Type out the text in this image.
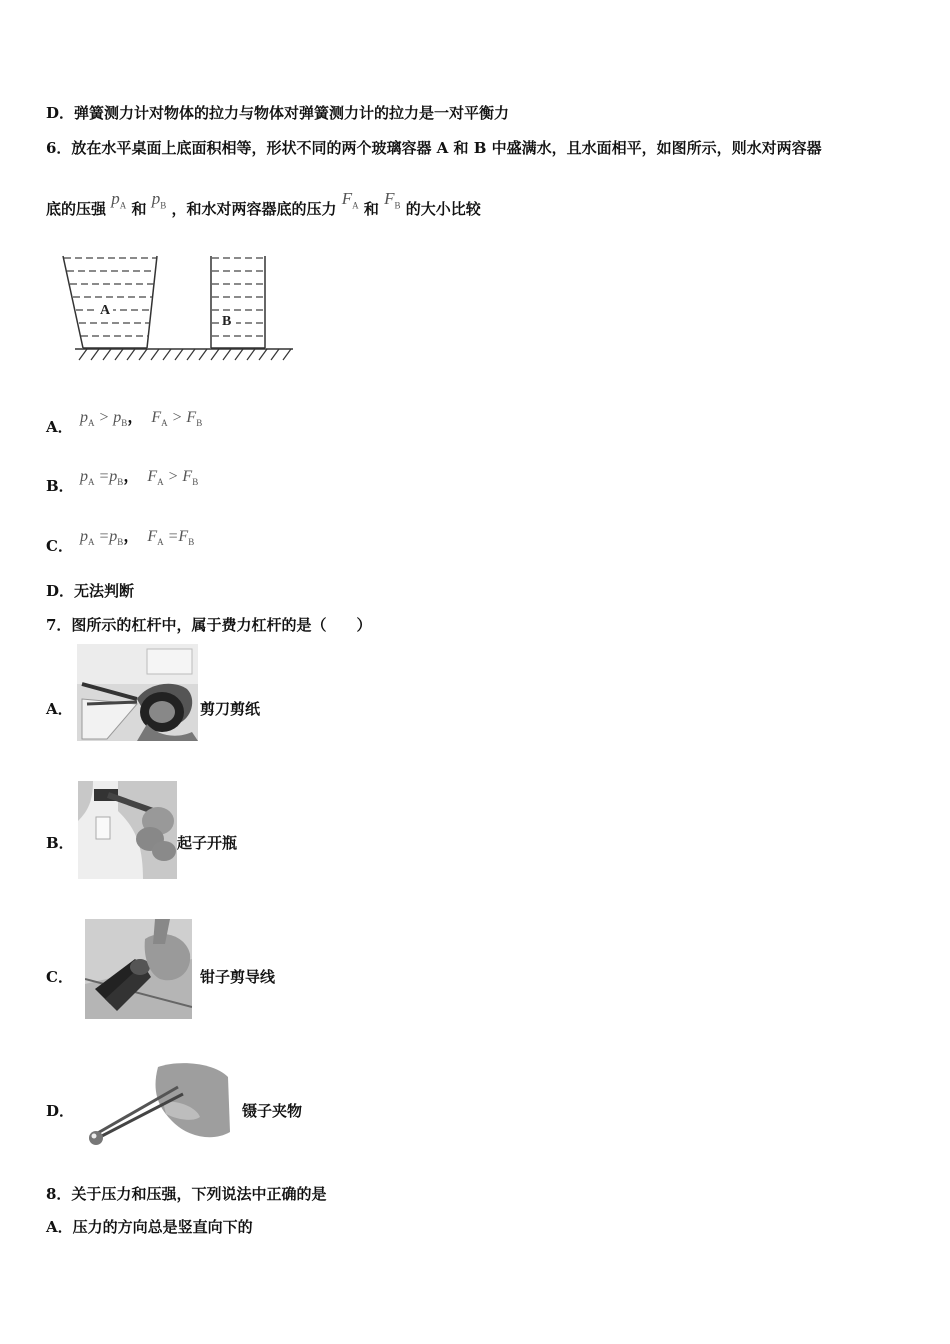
D．弹簧测力计对物体的拉力与物体对弹簧测力计的拉力是一对平衡力
6．放在水平桌面上底面积相等，形状不同的两个玻璃容器 A 和 B 中盛满水，且水面相平，如图所示，则水对两容器
底的压强 $p_A$ 和 $p_B$ ，和水对两容器底的压力 $F_A$ 和 $F_B$ 的大小比较
A
B
A．
$p_A > p_B$， $F_A > F_B$
B．
$p_A =p_B$， $F_A > F_B$
C．
$p_A =p_B$， $F_A =F_B$
D．无法判断
7．图所示的杠杆中，属于费力杠杆的是（　　）
A．	剪刀剪纸
B．	起子开瓶
C．	钳子剪导线
D．	镊子夹物
8．关于压力和压强，下列说法中正确的是
A．压力的方向总是竖直向下的
